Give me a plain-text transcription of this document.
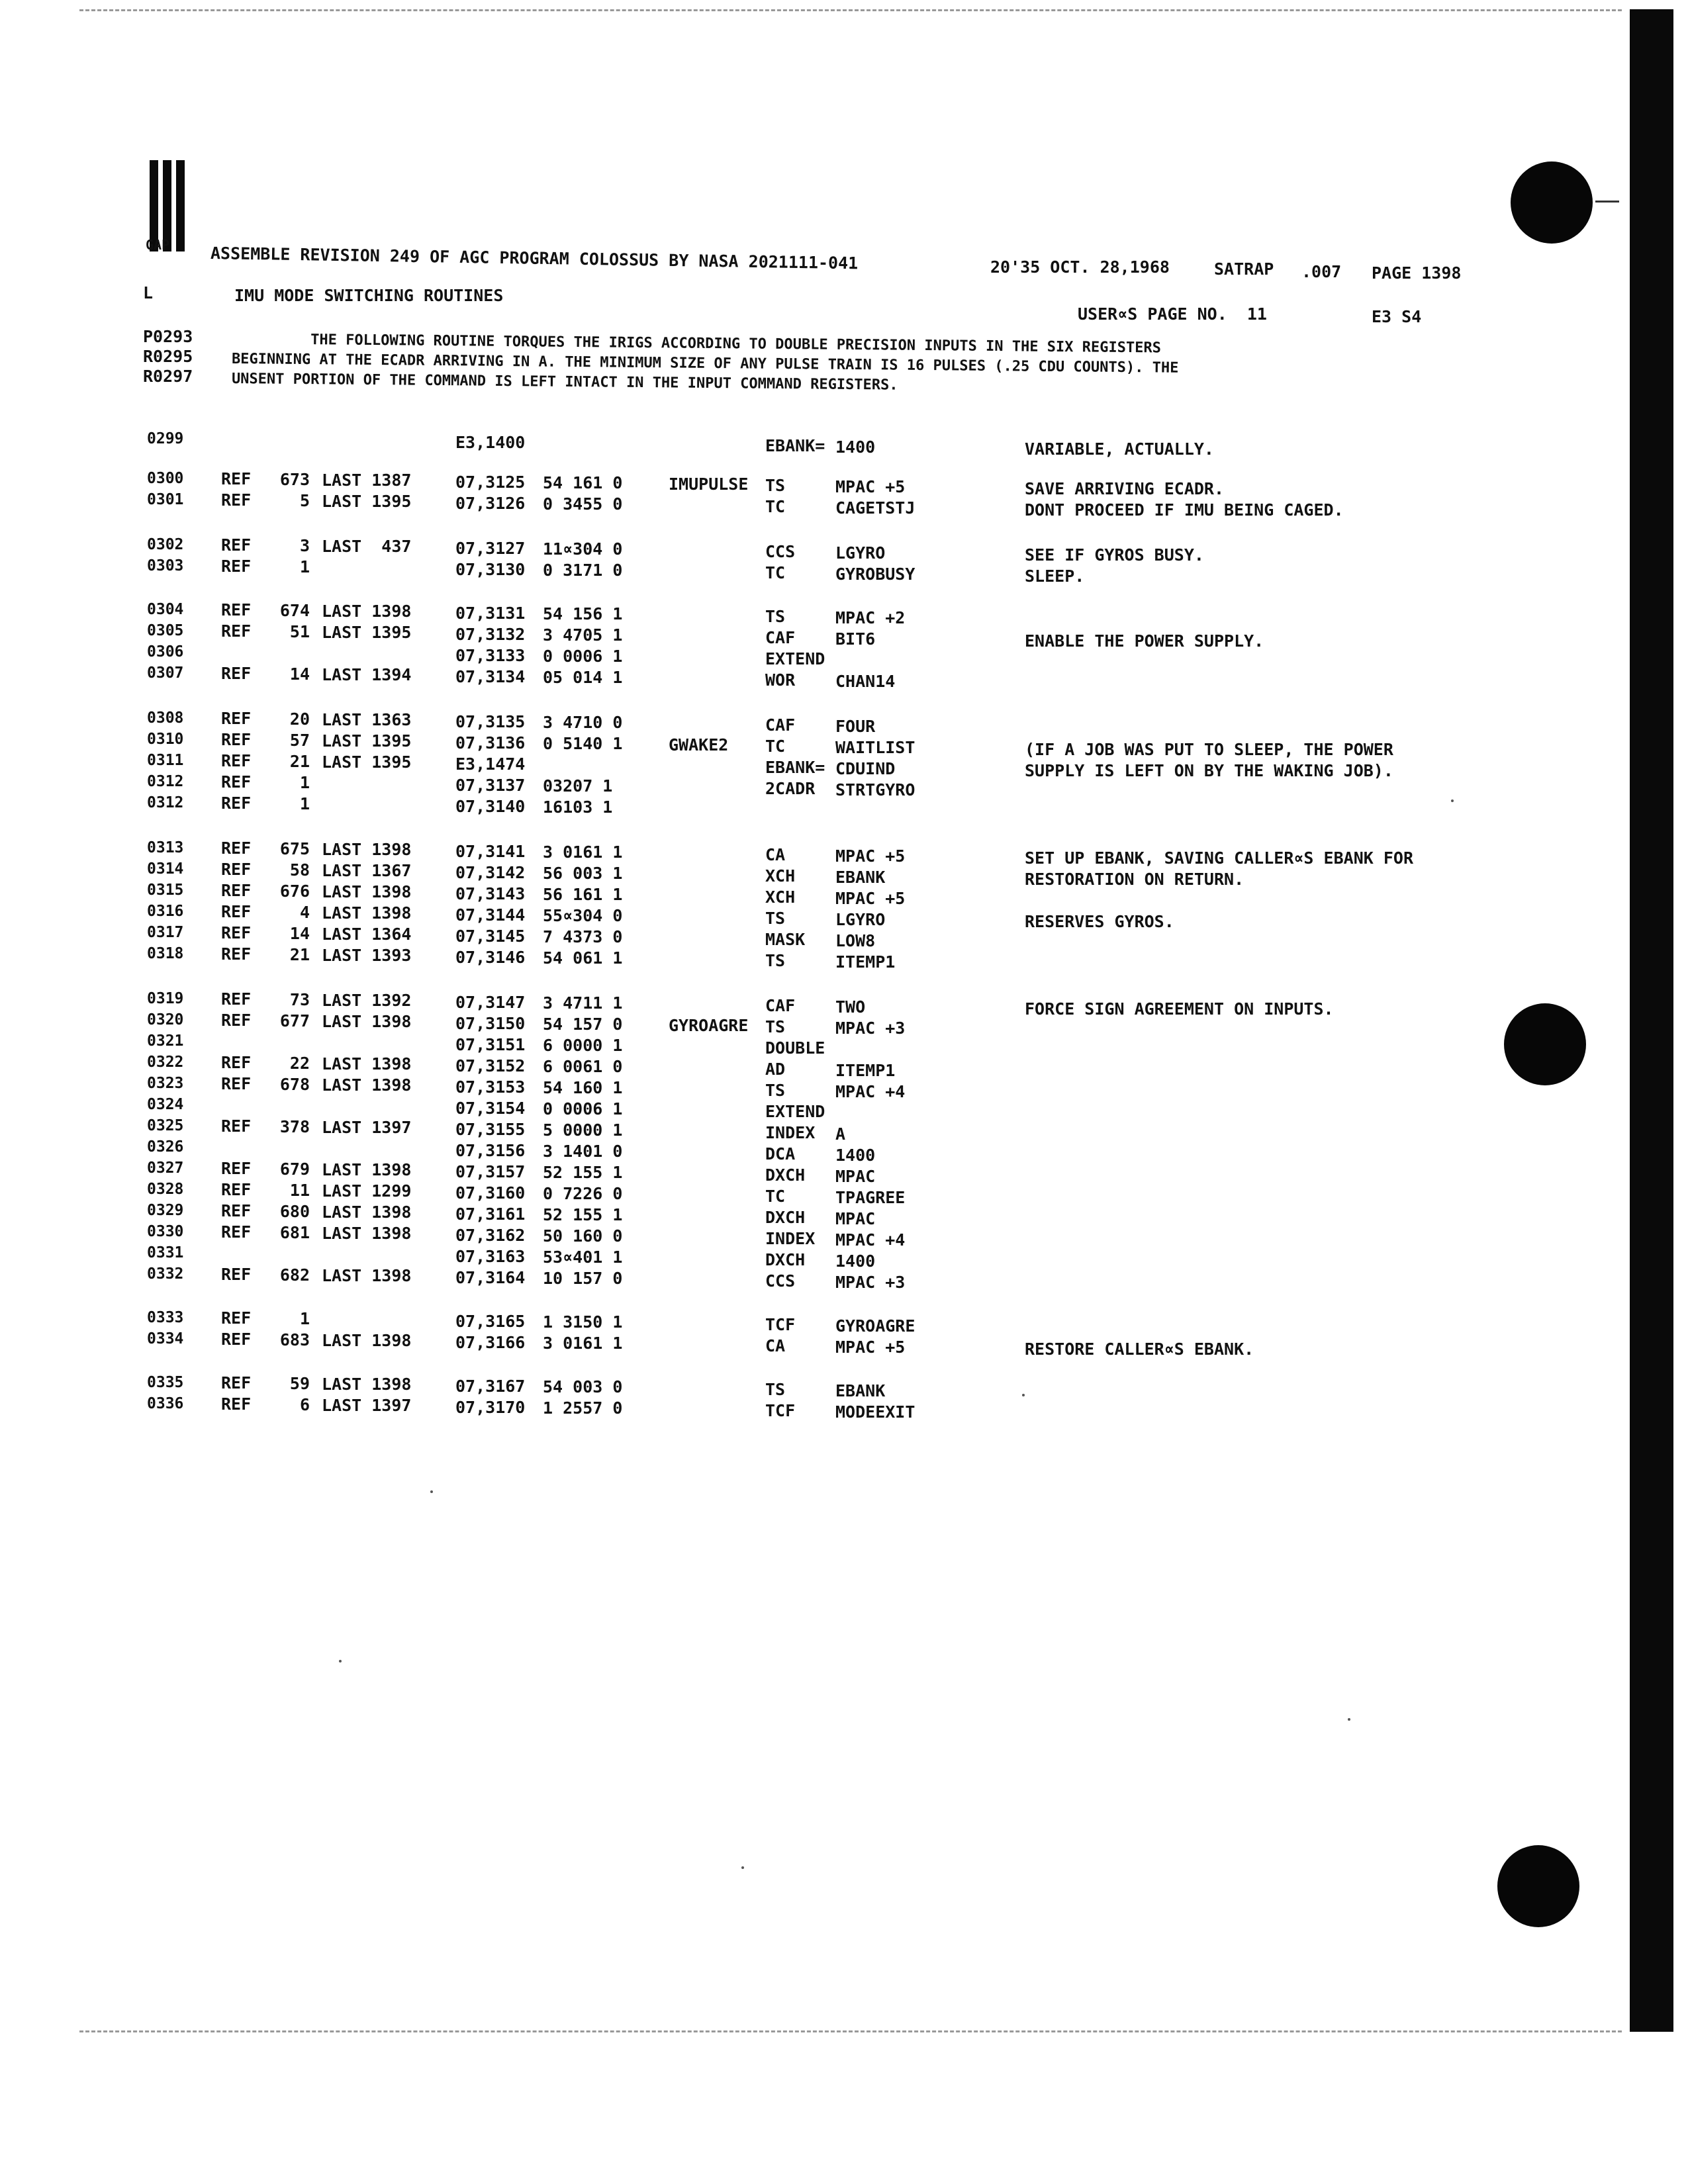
GAP ASSEMBLE REVISION 249 OF AGC PROGRAM COLOSSUS BY NASA 2021111-041	20'35 OCT. 28,1968	SATRAP .007 PAGE 1398
L	IMU MODE SWITCHING ROUTINES
USER∝S PAGE NO.  11	E3 S4
P0293	THE FOLLOWING ROUTINE TORQUES THE IRIGS ACCORDING TO DOUBLE PRECISION INPUTS IN THE SIX REGISTERS
R0295	BEGINNING AT THE ECADR ARRIVING IN A. THE MINIMUM SIZE OF ANY PULSE TRAIN IS 16 PULSES (.25 CDU COUNTS). THE
R0297	UNSENT PORTION OF THE COMMAND IS LEFT INTACT IN THE INPUT COMMAND REGISTERS.
0299	E3,1400	EBANK= 1400	VARIABLE, ACTUALLY.
0300 REF	673 LAST 1387	07,3125 54 161 0	IMUPULSE TS	MPAC +5	SAVE ARRIVING ECADR.
0301 REF	5 LAST 1395	07,3126 0 3455 0	TC	CAGETSTJ	DONT PROCEED IF IMU BEING CAGED.
0302 REF	3 LAST  437	07,3127 11∝304 0	CCS LGYRO	SEE IF GYROS BUSY.
0303 REF	1	07,3130 0 3171 0	TC	GYROBUSY	SLEEP.
0304 REF	674 LAST 1398	07,3131 54 156 1	TS	MPAC +2
0305 REF	51 LAST 1395	07,3132 3 4705 1	CAF BIT6	ENABLE THE POWER SUPPLY.
0306	07,3133 0 0006 1	EXTEND
0307 REF	14 LAST 1394	07,3134 05 014 1	WOR CHAN14
0308 REF	20 LAST 1363	07,3135 3 4710 0	CAF FOUR
0310 REF	57 LAST 1395	07,3136 0 5140 1	GWAKE2 TC	WAITLIST	(IF A JOB WAS PUT TO SLEEP, THE POWER
0311 REF	21 LAST 1395	E3,1474	EBANK= CDUIND	SUPPLY IS LEFT ON BY THE WAKING JOB).
0312 REF	1	07,3137 03207 1	2CADR STRTGYRO
0312 REF	1	07,3140 16103 1
0313 REF	675 LAST 1398	07,3141 3 0161 1	CA	MPAC +5	SET UP EBANK, SAVING CALLER∝S EBANK FOR
0314 REF	58 LAST 1367	07,3142 56 003 1	XCH EBANK	RESTORATION ON RETURN.
0315 REF	676 LAST 1398	07,3143 56 161 1	XCH MPAC +5
0316 REF	4 LAST 1398	07,3144 55∝304 0	TS	LGYRO	RESERVES GYROS.
0317 REF	14 LAST 1364	07,3145 7 4373 0	MASK LOW8
0318 REF	21 LAST 1393	07,3146 54 061 1	TS	ITEMP1
0319 REF	73 LAST 1392	07,3147 3 4711 1	CAF TWO	FORCE SIGN AGREEMENT ON INPUTS.
0320 REF	677 LAST 1398	07,3150 54 157 0	GYROAGRE TS	MPAC +3
0321	07,3151 6 0000 1	DOUBLE
0322 REF	22 LAST 1398	07,3152 6 0061 0	AD	ITEMP1
0323 REF	678 LAST 1398	07,3153 54 160 1	TS	MPAC +4
0324	07,3154 0 0006 1	EXTEND
0325 REF	378 LAST 1397	07,3155 5 0000 1	INDEX A
0326	07,3156 3 1401 0	DCA 1400
0327 REF	679 LAST 1398	07,3157 52 155 1	DXCH MPAC
0328 REF	11 LAST 1299	07,3160 0 7226 0	TC	TPAGREE
0329 REF	680 LAST 1398	07,3161 52 155 1	DXCH MPAC
0330 REF	681 LAST 1398	07,3162 50 160 0	INDEX MPAC +4
0331	07,3163 53∝401 1	DXCH 1400
0332 REF	682 LAST 1398	07,3164 10 157 0	CCS MPAC +3
0333 REF	1	07,3165 1 3150 1	TCF GYROAGRE
0334 REF	683 LAST 1398	07,3166 3 0161 1	CA	MPAC +5	RESTORE CALLER∝S EBANK.
0335 REF	59 LAST 1398	07,3167 54 003 0	TS	EBANK
0336 REF	6 LAST 1397	07,3170 1 2557 0	TCF MODEEXIT
